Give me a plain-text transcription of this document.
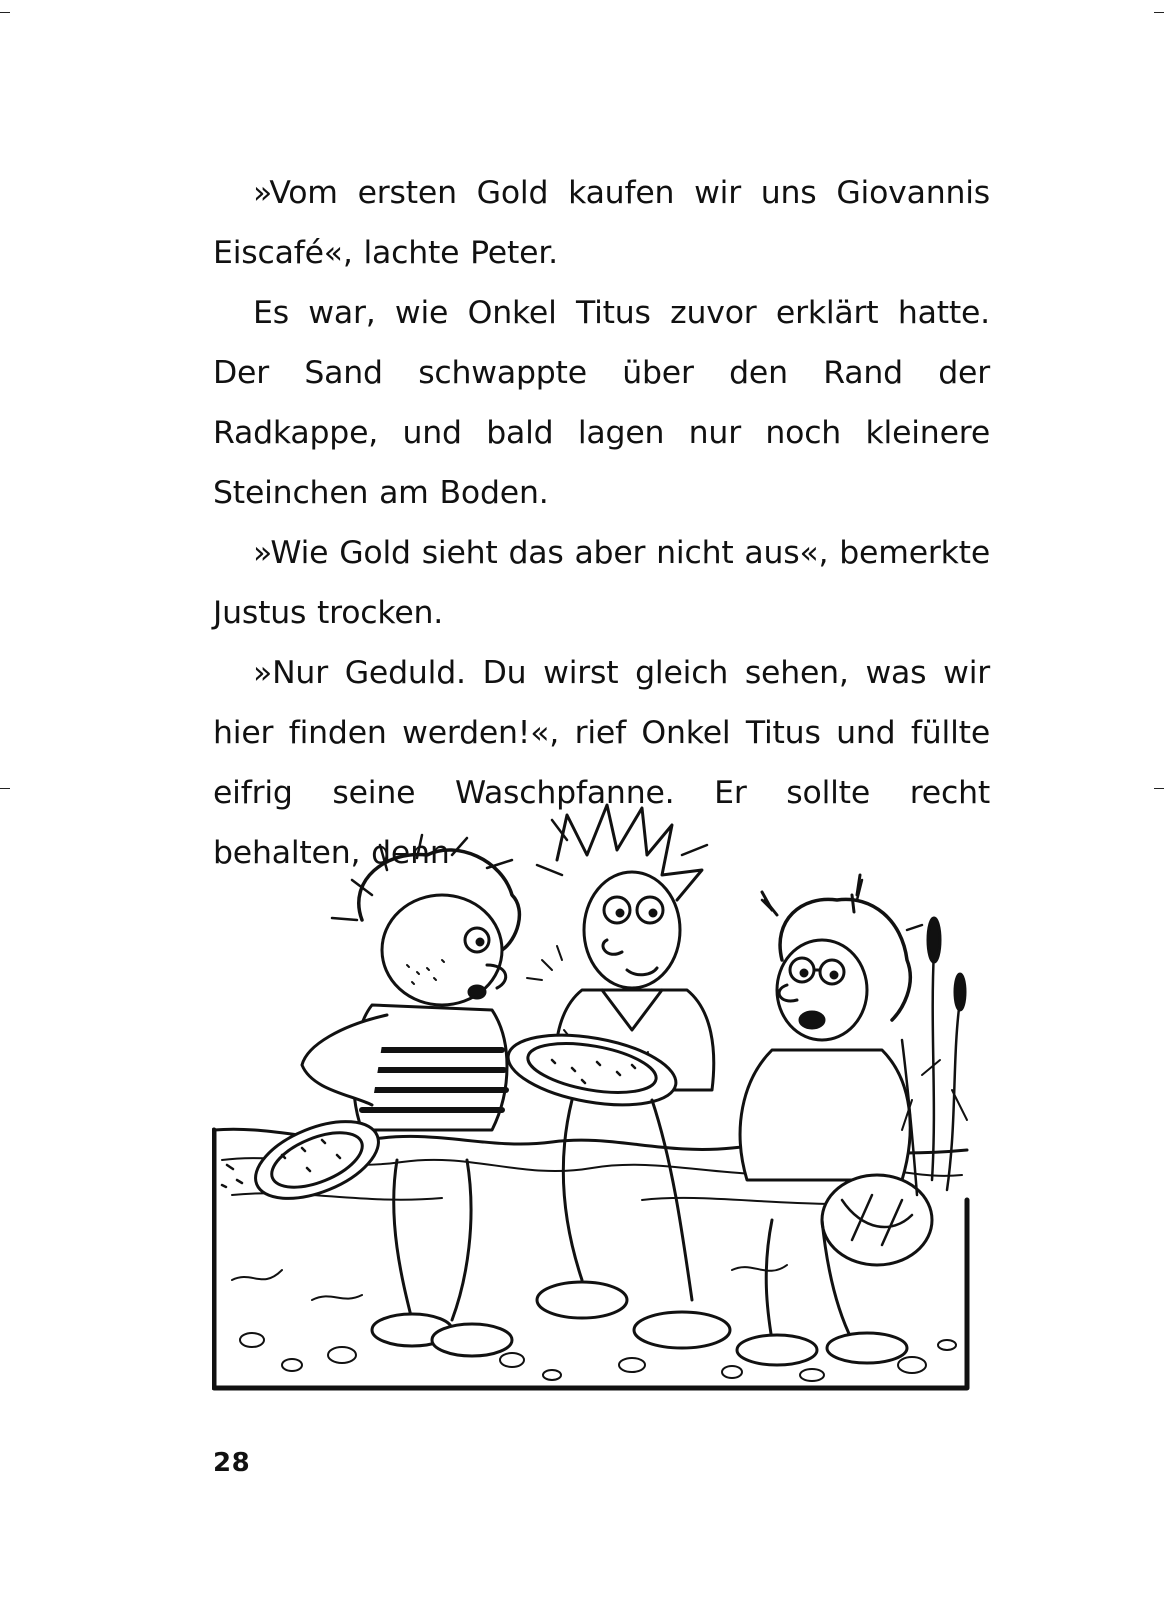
»Vom ersten Gold kaufen wir uns Giovannis Eiscafé«, lachte Peter.

Es war, wie Onkel Titus zuvor erklärt hatte. Der Sand schwappte über den Rand der Radkappe, und bald lagen nur noch kleinere Steinchen am Boden.

»Wie Gold sieht das aber nicht aus«, bemerkte Justus trocken.

»Nur Geduld. Du wirst gleich sehen, was wir hier finden werden!«, rief Onkel Titus und füllte eifrig seine Waschpfanne. Er sollte recht behalten, denn

28
